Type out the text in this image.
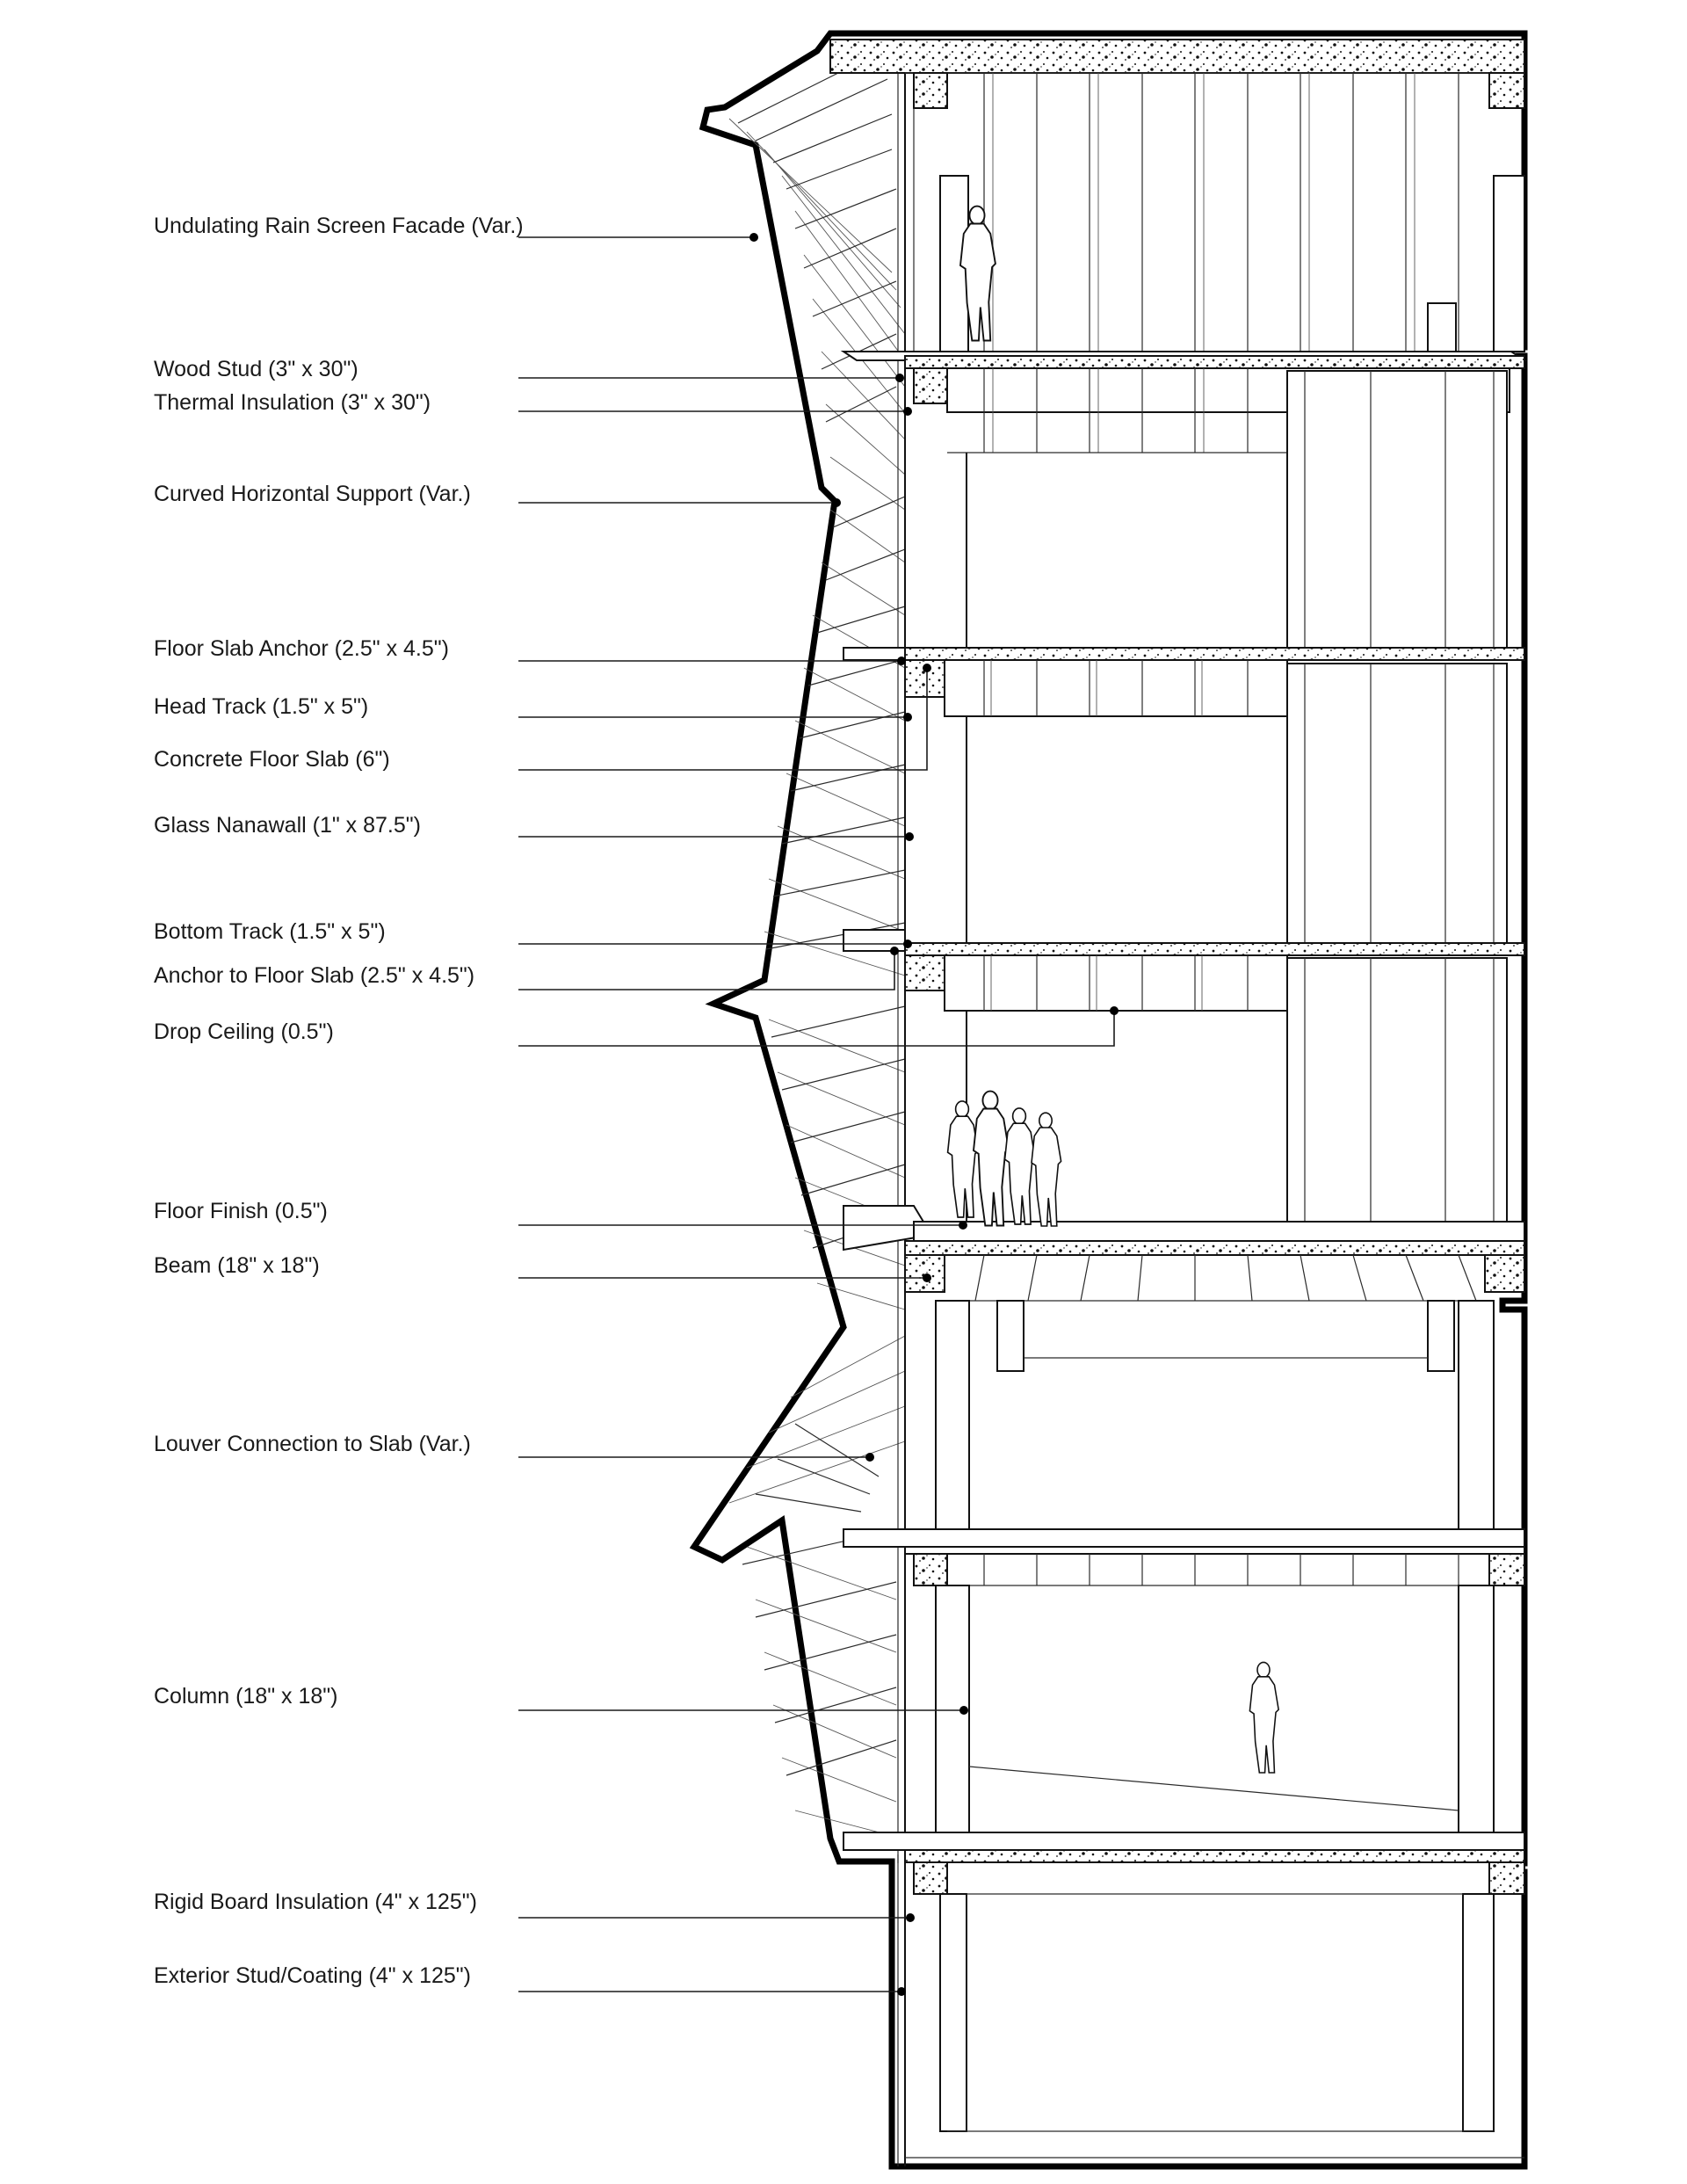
Undulating Rain Screen Facade (Var.)
Wood Stud (3" x 30")
Thermal Insulation (3" x 30")
Curved Horizontal Support (Var.)
Floor Slab Anchor (2.5" x 4.5")
Head Track (1.5" x 5")
Concrete Floor Slab (6")
Glass Nanawall (1" x 87.5")
Bottom Track (1.5" x 5")
Anchor to Floor Slab (2.5" x 4.5")
Drop Ceiling (0.5")
Floor Finish (0.5")
Beam (18" x 18")
Louver Connection to Slab (Var.)
Column (18" x 18")
Rigid Board Insulation (4" x 125")
Exterior Stud/Coating (4" x 125")
